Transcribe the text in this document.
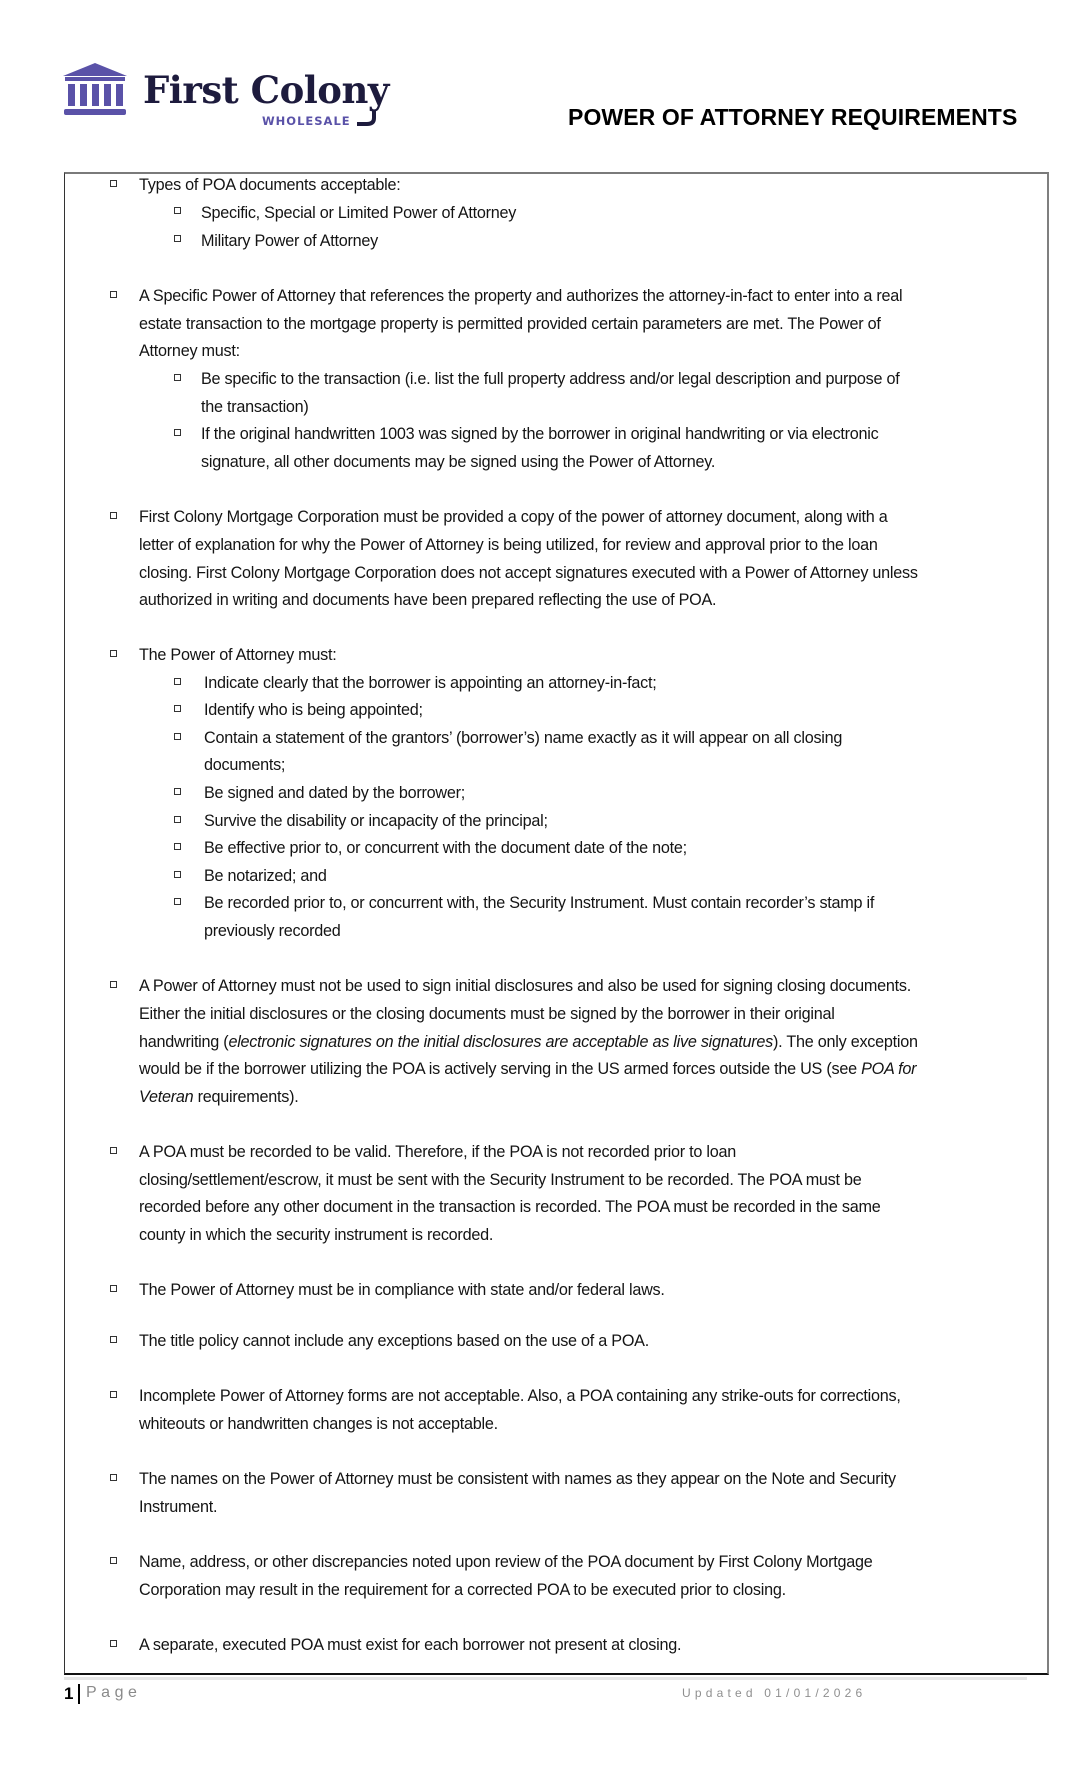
First Colony
WHOLESALE	POWER OF ATTORNEY REQUIREMENTS
Types of POA documents acceptable:
Specific, Special or Limited Power of Attorney
Military Power of Attorney
A Specific Power of Attorney that references the property and authorizes the attorney-in-fact to enter into a real
estate transaction to the mortgage property is permitted provided certain parameters are met. The Power of
Attorney must:
Be specific to the transaction (i.e. list the full property address and/or legal description and purpose of
the transaction)
If the original handwritten 1003 was signed by the borrower in original handwriting or via electronic
signature, all other documents may be signed using the Power of Attorney.
First Colony Mortgage Corporation must be provided a copy of the power of attorney document, along with a
letter of explanation for why the Power of Attorney is being utilized, for review and approval prior to the loan
closing. First Colony Mortgage Corporation does not accept signatures executed with a Power of Attorney unless
authorized in writing and documents have been prepared reflecting the use of POA.
The Power of Attorney must:
Indicate clearly that the borrower is appointing an attorney-in-fact;
Identify who is being appointed;
Contain a statement of the grantors’ (borrower’s) name exactly as it will appear on all closing
documents;
Be signed and dated by the borrower;
Survive the disability or incapacity of the principal;
Be effective prior to, or concurrent with the document date of the note;
Be notarized; and
Be recorded prior to, or concurrent with, the Security Instrument. Must contain recorder’s stamp if
previously recorded
A Power of Attorney must not be used to sign initial disclosures and also be used for signing closing documents.
Either the initial disclosures or the closing documents must be signed by the borrower in their original
handwriting (electronic signatures on the initial disclosures are acceptable as live signatures). The only exception
would be if the borrower utilizing the POA is actively serving in the US armed forces outside the US (see POA for
Veteran requirements).
A POA must be recorded to be valid. Therefore, if the POA is not recorded prior to loan
closing/settlement/escrow, it must be sent with the Security Instrument to be recorded. The POA must be
recorded before any other document in the transaction is recorded. The POA must be recorded in the same
county in which the security instrument is recorded.
The Power of Attorney must be in compliance with state and/or federal laws.
The title policy cannot include any exceptions based on the use of a POA.
Incomplete Power of Attorney forms are not acceptable. Also, a POA containing any strike-outs for corrections,
whiteouts or handwritten changes is not acceptable.
The names on the Power of Attorney must be consistent with names as they appear on the Note and Security
Instrument.
Name, address, or other discrepancies noted upon review of the POA document by First Colony Mortgage
Corporation may result in the requirement for a corrected POA to be executed prior to closing.
A separate, executed POA must exist for each borrower not present at closing.
1 Page	Updated 01/01/2026
